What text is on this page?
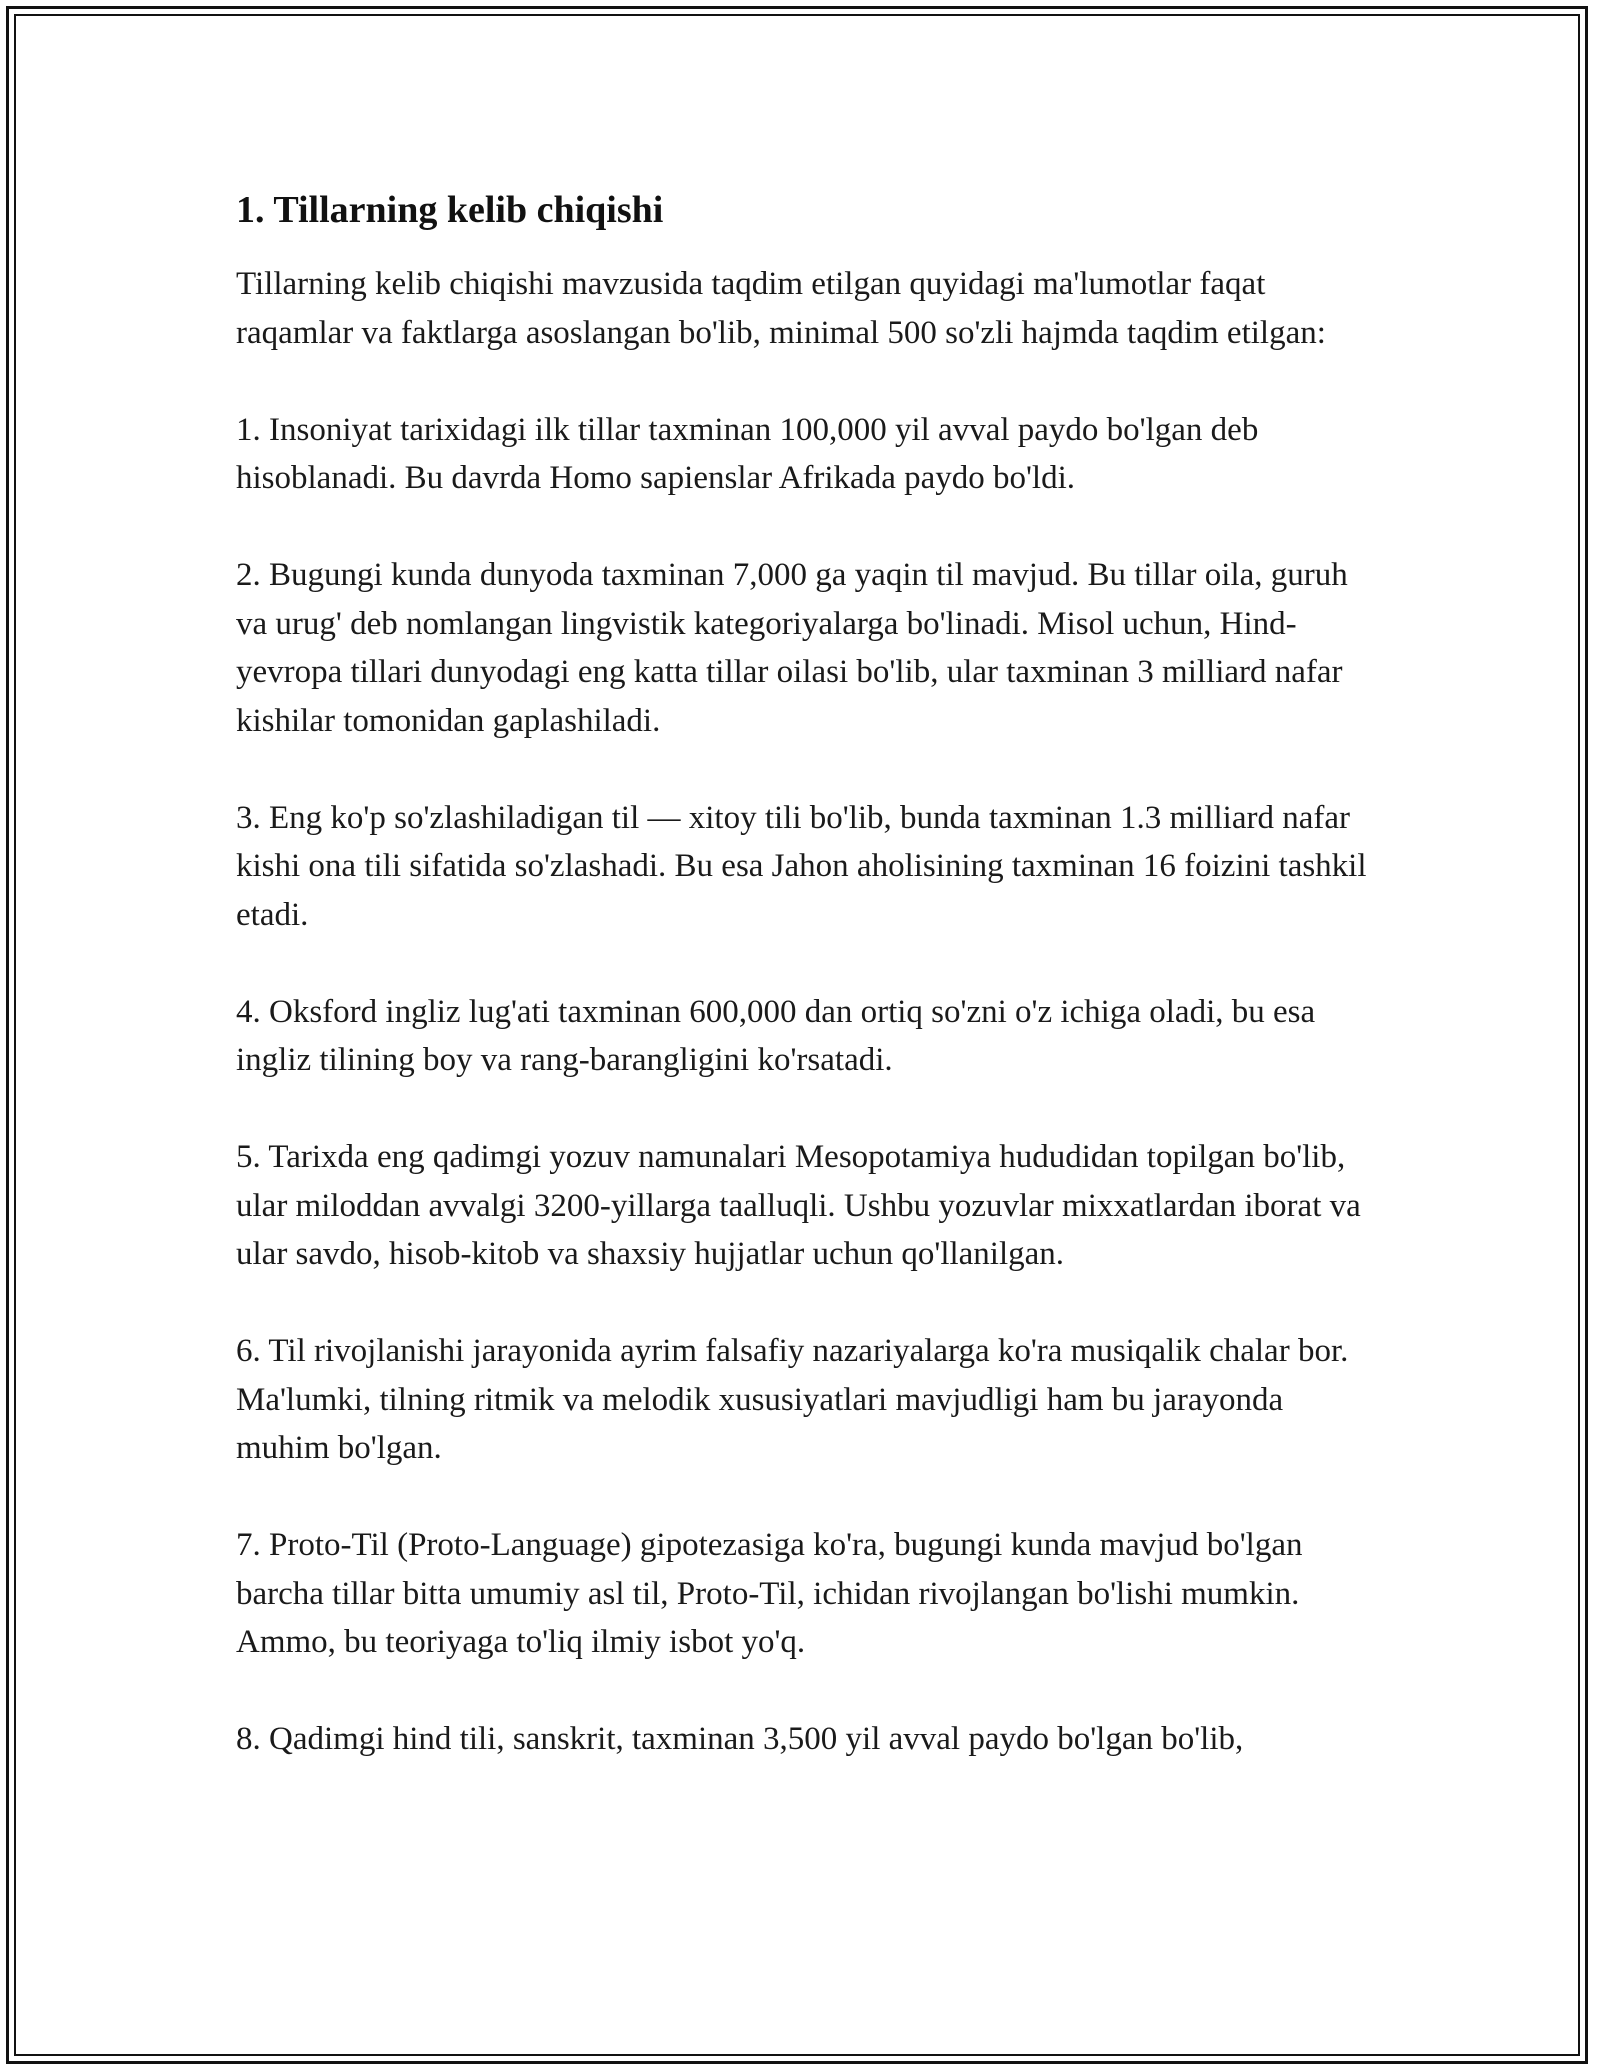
1. Tillarning kelib chiqishi

Tillarning kelib chiqishi mavzusida taqdim etilgan quyidagi ma'lumotlar faqat raqamlar va faktlarga asoslangan bo'lib, minimal 500 so'zli hajmda taqdim etilgan:

1. Insoniyat tarixidagi ilk tillar taxminan 100,000 yil avval paydo bo'lgan deb hisoblanadi. Bu davrda Homo sapienslar Afrikada paydo bo'ldi.

2. Bugungi kunda dunyoda taxminan 7,000 ga yaqin til mavjud. Bu tillar oila, guruh va urug' deb nomlangan lingvistik kategoriyalarga bo'linadi. Misol uchun, Hind-yevropa tillari dunyodagi eng katta tillar oilasi bo'lib, ular taxminan 3 milliard nafar kishilar tomonidan gaplashiladi.

3. Eng ko'p so'zlashiladigan til — xitoy tili bo'lib, bunda taxminan 1.3 milliard nafar kishi ona tili sifatida so'zlashadi. Bu esa Jahon aholisining taxminan 16 foizini tashkil etadi.

4. Oksford ingliz lug'ati taxminan 600,000 dan ortiq so'zni o'z ichiga oladi, bu esa ingliz tilining boy va rang-barangligini ko'rsatadi.

5. Tarixda eng qadimgi yozuv namunalari Mesopotamiya hududidan topilgan bo'lib, ular miloddan avvalgi 3200-yillarga taalluqli. Ushbu yozuvlar mixxatlardan iborat va ular savdo, hisob-kitob va shaxsiy hujjatlar uchun qo'llanilgan.

6. Til rivojlanishi jarayonida ayrim falsafiy nazariyalarga ko'ra musiqalik chalar bor. Ma'lumki, tilning ritmik va melodik xususiyatlari mavjudligi ham bu jarayonda muhim bo'lgan.

7. Proto-Til (Proto-Language) gipotezasiga ko'ra, bugungi kunda mavjud bo'lgan barcha tillar bitta umumiy asl til, Proto-Til, ichidan rivojlangan bo'lishi mumkin. Ammo, bu teoriyaga to'liq ilmiy isbot yo'q.

8. Qadimgi hind tili, sanskrit, taxminan 3,500 yil avval paydo bo'lgan bo'lib,
